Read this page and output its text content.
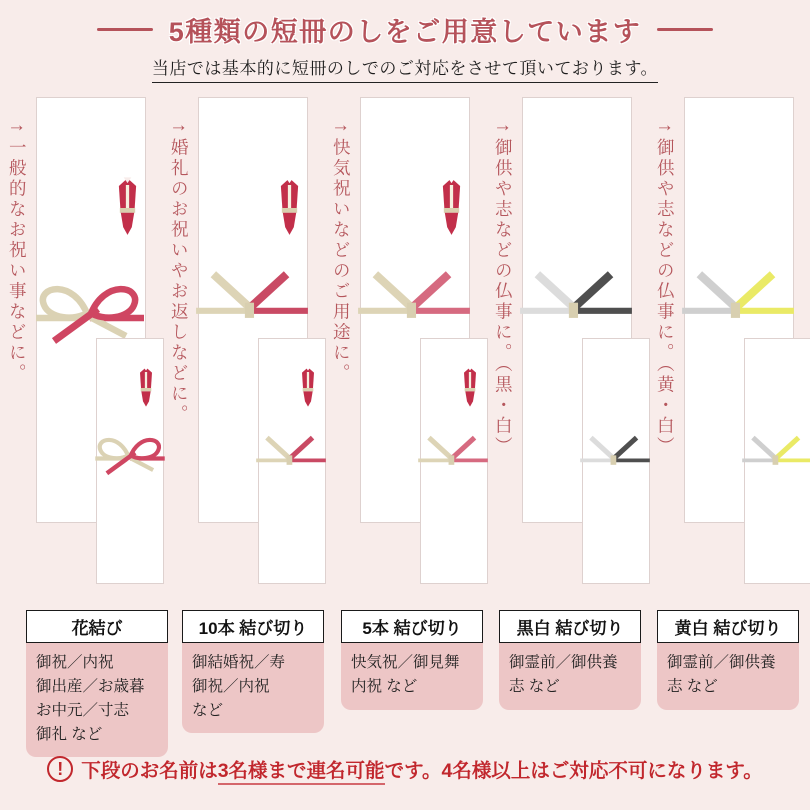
5種類の短冊のしをご用意しています
当店では基本的に短冊のしでのご対応をさせて頂いております。
→
一般的なお祝い事などに。
→
婚礼のお祝いやお返しなどに。
→
快気祝いなどのご用途に。
→
御供や志などの仏事に。（黒・白）
→
御供や志などの仏事に。（黄・白）
花結び
御祝／内祝
御出産／お歳暮
お中元／寸志
御礼 など
10本 結び切り
御結婚祝／寿
御祝／内祝
など
5本 結び切り
快気祝／御見舞
内祝 など
黒白 結び切り
御霊前／御供養
志 など
黄白 結び切り
御霊前／御供養
志 など
! 下段のお名前は3名様まで連名可能です。4名様以上はご対応不可になります。
